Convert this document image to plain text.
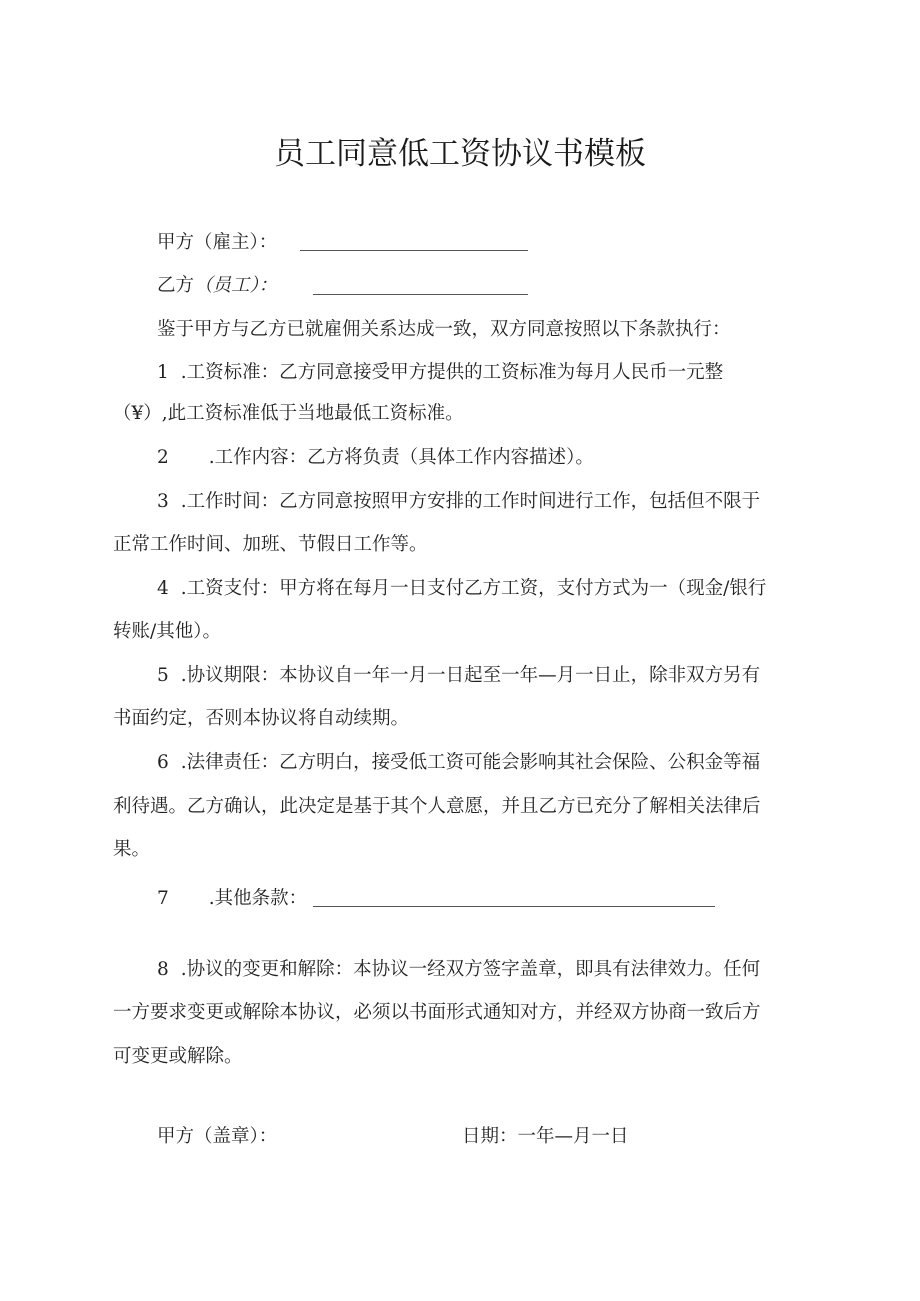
员工同意低工资协议书模板
甲方（雇主）：
乙方（员工）：
鉴于甲方与乙方已就雇佣关系达成一致，双方同意按照以下条款执行：
1 .工资标准：乙方同意接受甲方提供的工资标准为每月人民币一元整
（¥）,此工资标准低于当地最低工资标准。
2 .工作内容：乙方将负责（具体工作内容描述）。
3 .工作时间：乙方同意按照甲方安排的工作时间进行工作，包括但不限于
正常工作时间、加班、节假日工作等。
4 .工资支付：甲方将在每月一日支付乙方工资，支付方式为一（现金/银行
转账/其他）。
5 .协议期限：本协议自一年一月一日起至一年—月一日止，除非双方另有
书面约定，否则本协议将自动续期。
6 .法律责任：乙方明白，接受低工资可能会影响其社会保险、公积金等福
利待遇。乙方确认，此决定是基于其个人意愿，并且乙方已充分了解相关法律后
果。
7 .其他条款：
8 .协议的变更和解除：本协议一经双方签字盖章，即具有法律效力。任何
一方要求变更或解除本协议，必须以书面形式通知对方，并经双方协商一致后方
可变更或解除。
甲方（盖章）：	日期：一年—月一日
